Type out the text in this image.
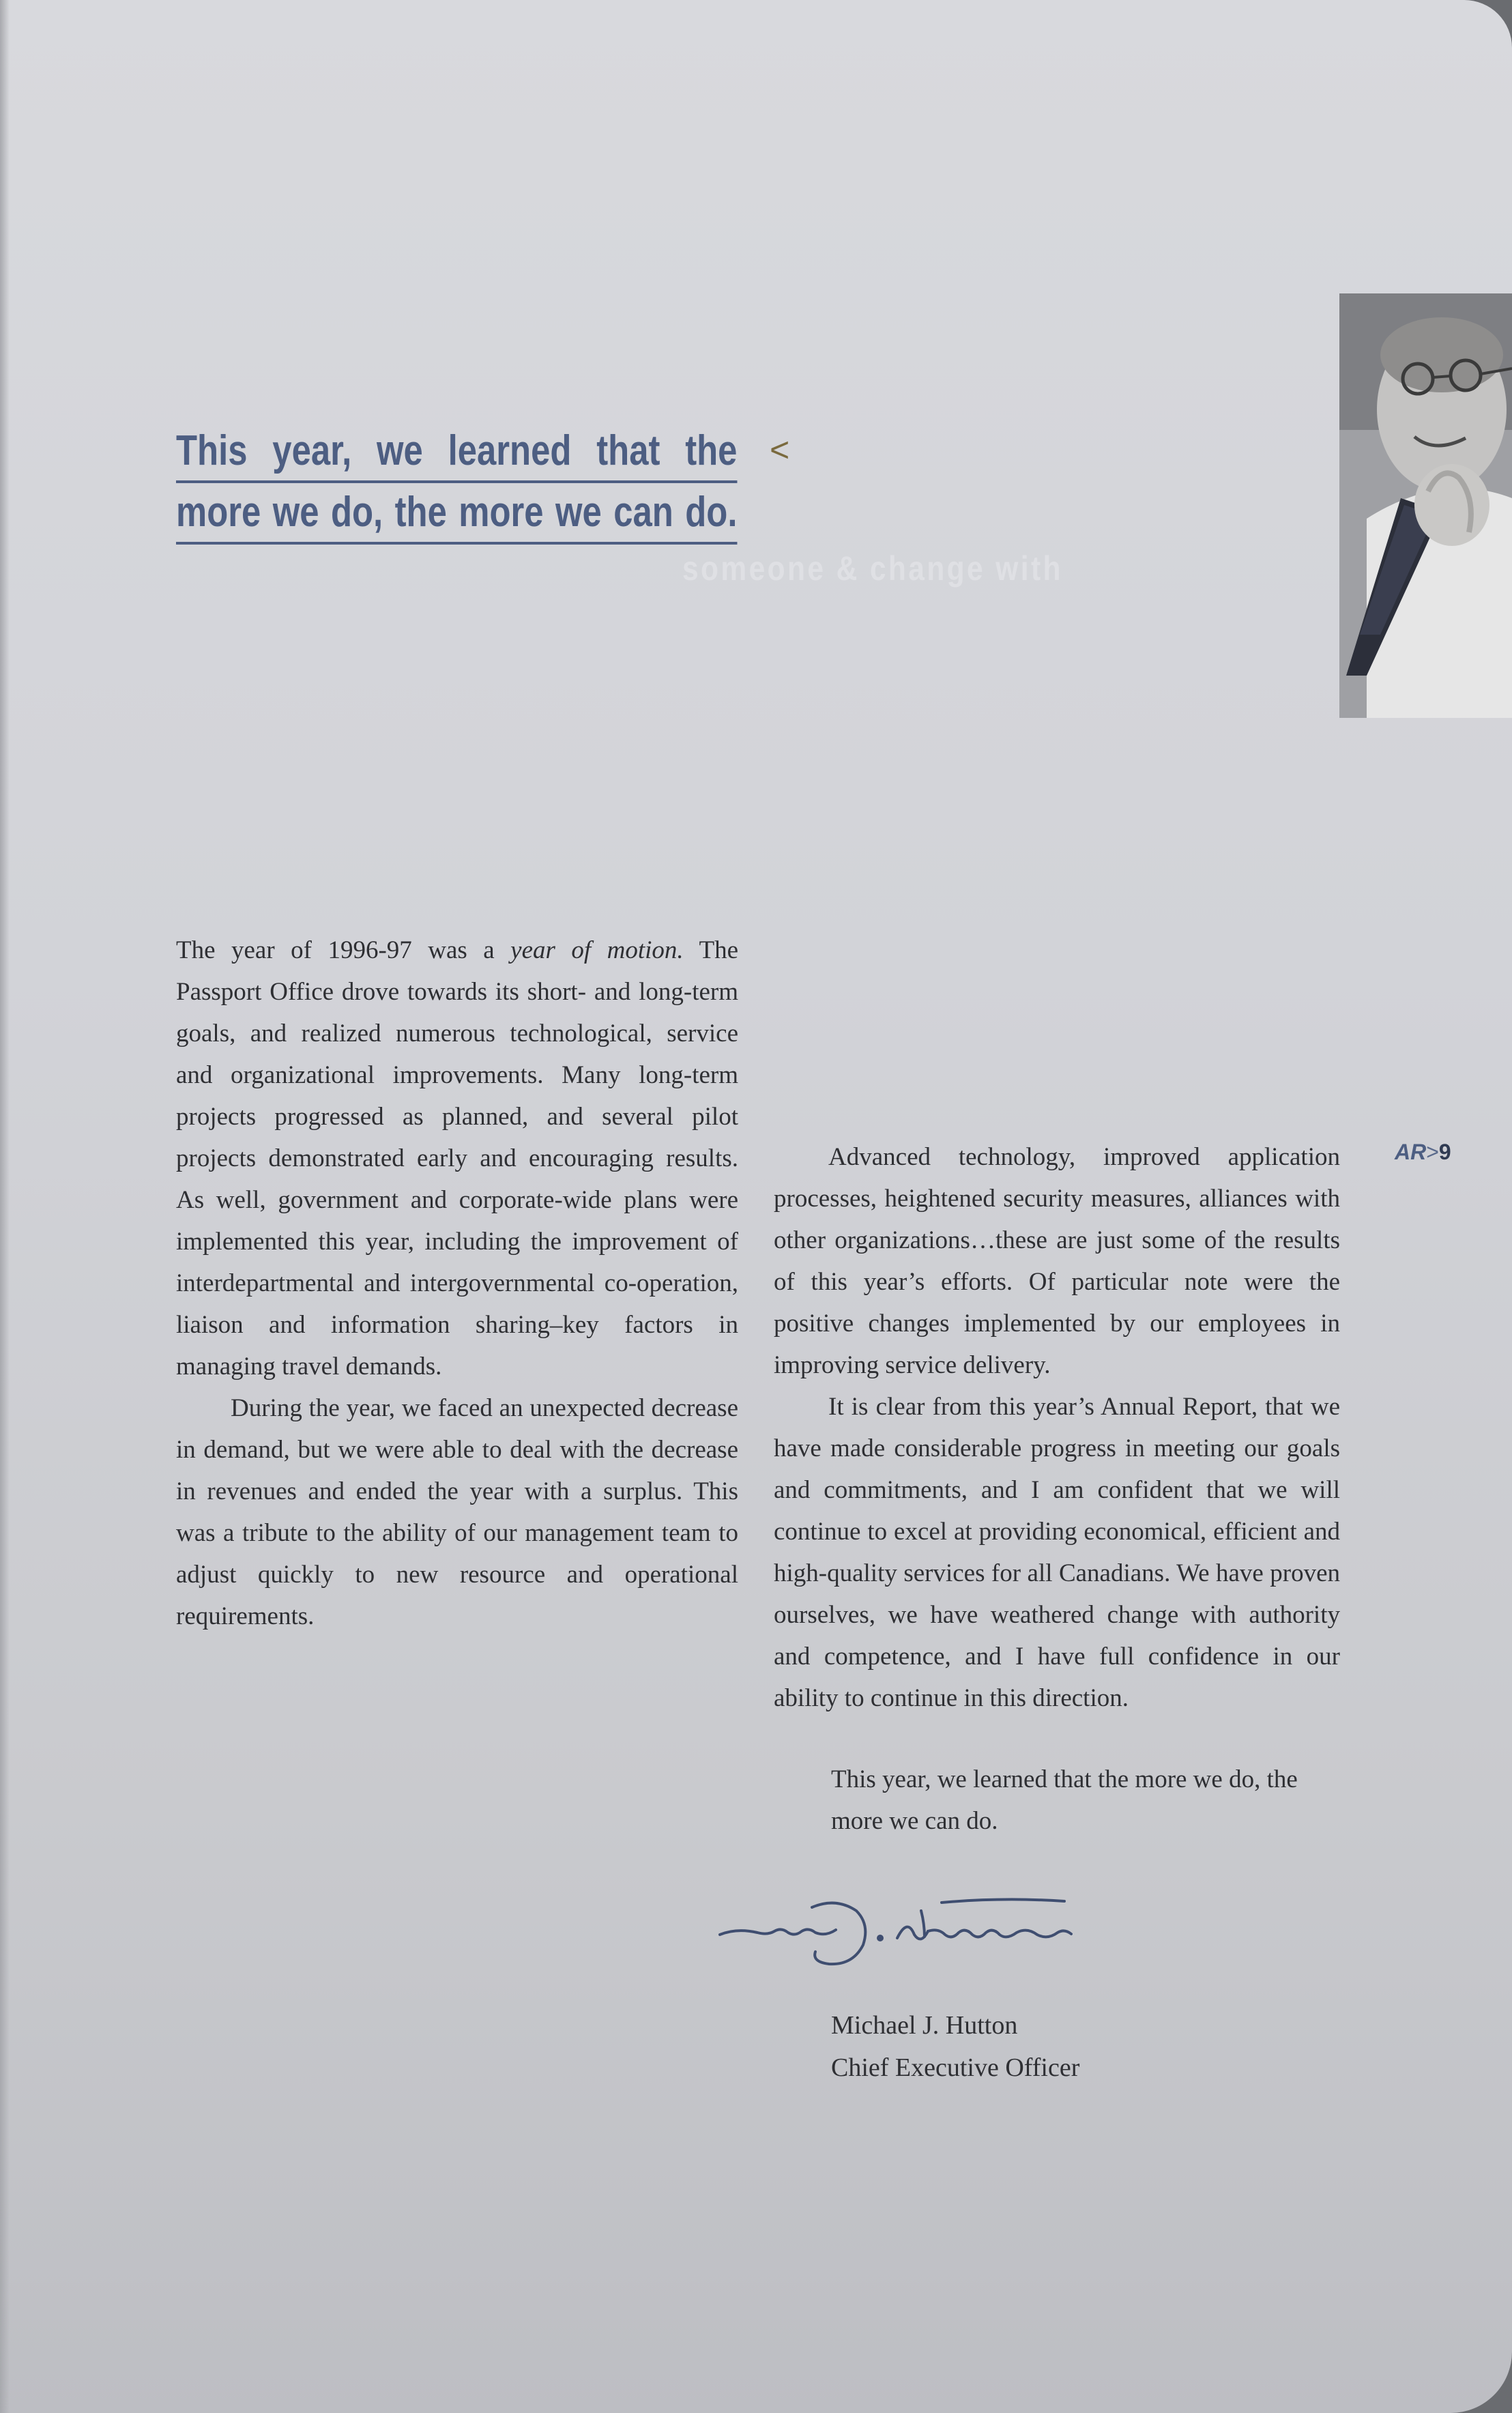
This year, we learned that the
more we do, the more we can do.
<
someone & change with

The year of 1996-97 was a year of motion. The Passport Office drove towards its short- and long-term goals, and realized numerous technological, service and organizational improvements. Many long-term projects progressed as planned, and several pilot projects demonstrated early and encouraging results. As well, government and corporate-wide plans were implemented this year, including the improvement of interdepartmental and intergovernmental co-operation, liaison and information sharing–key factors in managing travel demands.

During the year, we faced an unexpected decrease in demand, but we were able to deal with the decrease in revenues and ended the year with a surplus. This was a tribute to the ability of our management team to adjust quickly to new resource and operational requirements.

AR>9

Advanced technology, improved application processes, heightened security measures, alliances with other organizations…these are just some of the results of this year’s efforts. Of particular note were the positive changes implemented by our employees in improving service delivery.

It is clear from this year’s Annual Report, that we have made considerable progress in meeting our goals and commitments, and I am confident that we will continue to excel at providing economical, efficient and high-quality services for all Canadians. We have proven ourselves, we have weathered change with authority and competence, and I have full confidence in our ability to continue in this direction.

This year, we learned that the more we do, the more we can do.

Michael J. Hutton
Chief Executive Officer
